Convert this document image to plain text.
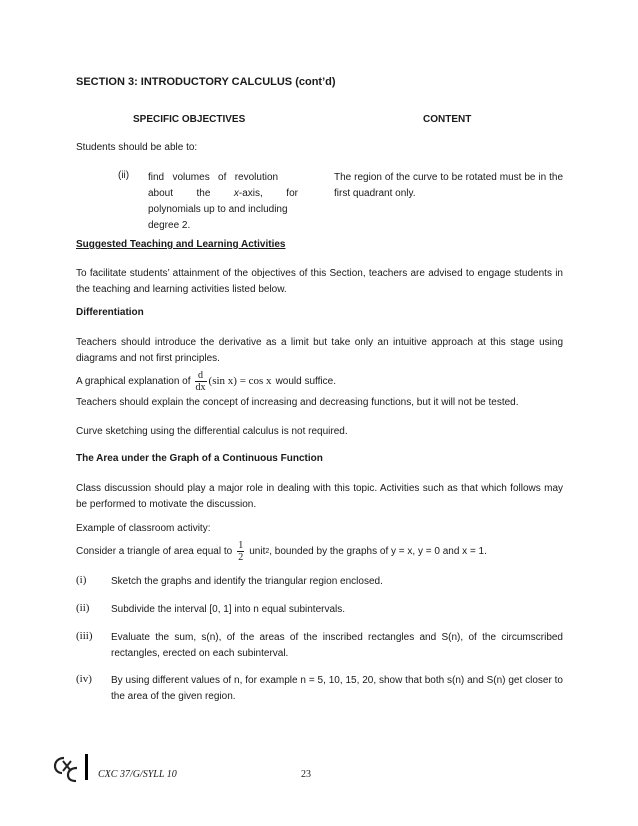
SECTION 3: INTRODUCTORY CALCULUS (cont’d)
SPECIFIC OBJECTIVES	CONTENT
Students should be able to:
(ii) find   volumes   of   revolution
about the x-axis, for
polynomials up to and including
degree 2.
The region of the curve to be rotated must be in the first quadrant only.
Suggested Teaching and Learning Activities
To facilitate students’ attainment of the objectives of this Section, teachers are advised to engage students in the teaching and learning activities listed below.
Differentiation
Teachers should introduce the derivative as a limit but take only an intuitive approach at this stage using diagrams and not first principles.
A graphical explanation of $\frac{d}{dx} (\sin$ x) = cos x would suffice.
Teachers should explain the concept of increasing and decreasing functions, but it will not be tested.
Curve sketching using the differential calculus is not required.
The Area under the Graph of a Continuous Function
Class discussion should play a major role in dealing with this topic. Activities such as that which follows may be performed to motivate the discussion.
Example of classroom activity:
Consider a triangle of area equal to $\frac{1}{2}$ unit 2 , bounded by the graphs of y = x, y = 0 and x = 1.
(i) Sketch the graphs and identify the triangular region enclosed.
(ii) Subdivide the interval [0, 1] into n equal subintervals.
(iii) Evaluate the sum, s(n), of the areas of the inscribed rectangles and S(n), of the circumscribed rectangles, erected on each subinterval.
(iv) By using different values of n, for example n = 5, 10, 15, 20, show that both s(n) and S(n) get closer to the area of the given region.
CXC 37/G/SYLL 10	23
